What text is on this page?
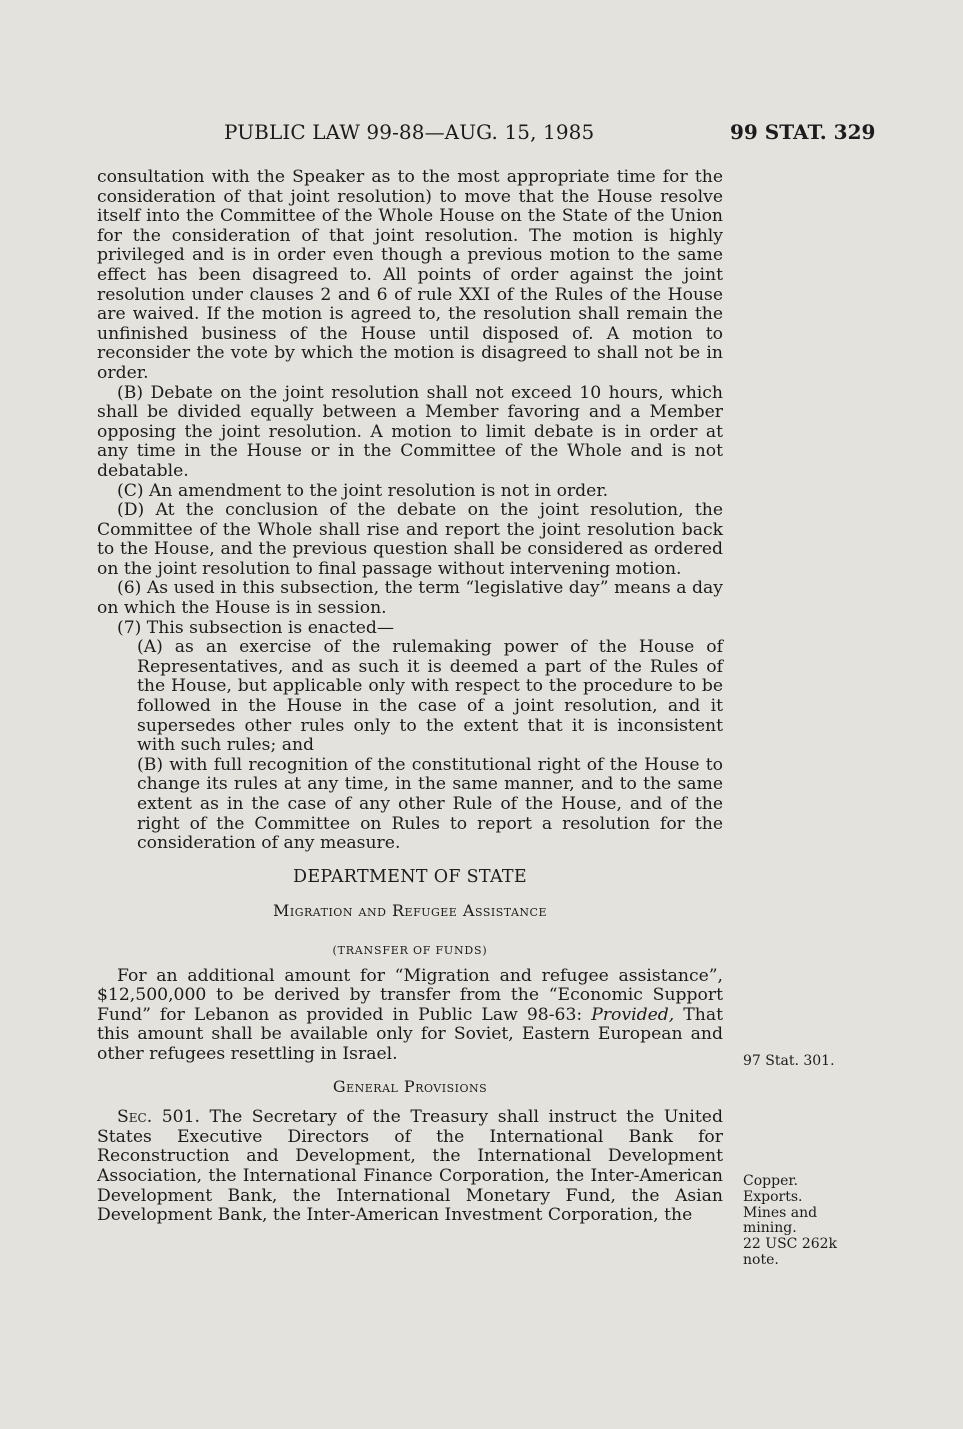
PUBLIC LAW 99-88—AUG. 15, 1985	99 STAT. 329

consultation with the Speaker as to the most appropriate time for the consideration of that joint resolution) to move that the House resolve itself into the Committee of the Whole House on the State of the Union for the consideration of that joint resolution. The motion is highly privileged and is in order even though a previous motion to the same effect has been disagreed to. All points of order against the joint resolution under clauses 2 and 6 of rule XXI of the Rules of the House are waived. If the motion is agreed to, the resolution shall remain the unfinished business of the House until disposed of. A motion to reconsider the vote by which the motion is disagreed to shall not be in order.

(B) Debate on the joint resolution shall not exceed 10 hours, which shall be divided equally between a Member favoring and a Member opposing the joint resolution. A motion to limit debate is in order at any time in the House or in the Committee of the Whole and is not debatable.

(C) An amendment to the joint resolution is not in order.

(D) At the conclusion of the debate on the joint resolution, the Committee of the Whole shall rise and report the joint resolution back to the House, and the previous question shall be considered as ordered on the joint resolution to final passage without intervening motion.

(6) As used in this subsection, the term “legislative day” means a day on which the House is in session.

(7) This subsection is enacted—

(A) as an exercise of the rulemaking power of the House of Representatives, and as such it is deemed a part of the Rules of the House, but applicable only with respect to the procedure to be followed in the House in the case of a joint resolution, and it supersedes other rules only to the extent that it is inconsistent with such rules; and

(B) with full recognition of the constitutional right of the House to change its rules at any time, in the same manner, and to the same extent as in the case of any other Rule of the House, and of the right of the Committee on Rules to report a resolution for the consideration of any measure.

DEPARTMENT OF STATE

Migration and Refugee Assistance

(TRANSFER OF FUNDS)

For an additional amount for “Migration and refugee assistance”, $12,500,000 to be derived by transfer from the “Economic Support Fund” for Lebanon as provided in Public Law 98-63: Provided, That this amount shall be available only for Soviet, Eastern European and other refugees resettling in Israel.

General Provisions

Sec. 501. The Secretary of the Treasury shall instruct the United States Executive Directors of the International Bank for Reconstruction and Development, the International Development Association, the International Finance Corporation, the Inter-American Development Bank, the International Monetary Fund, the Asian Development Bank, the Inter-American Investment Corporation, the

97 Stat. 301.
Copper.
Exports.
Mines and
mining.
22 USC 262k
note.
